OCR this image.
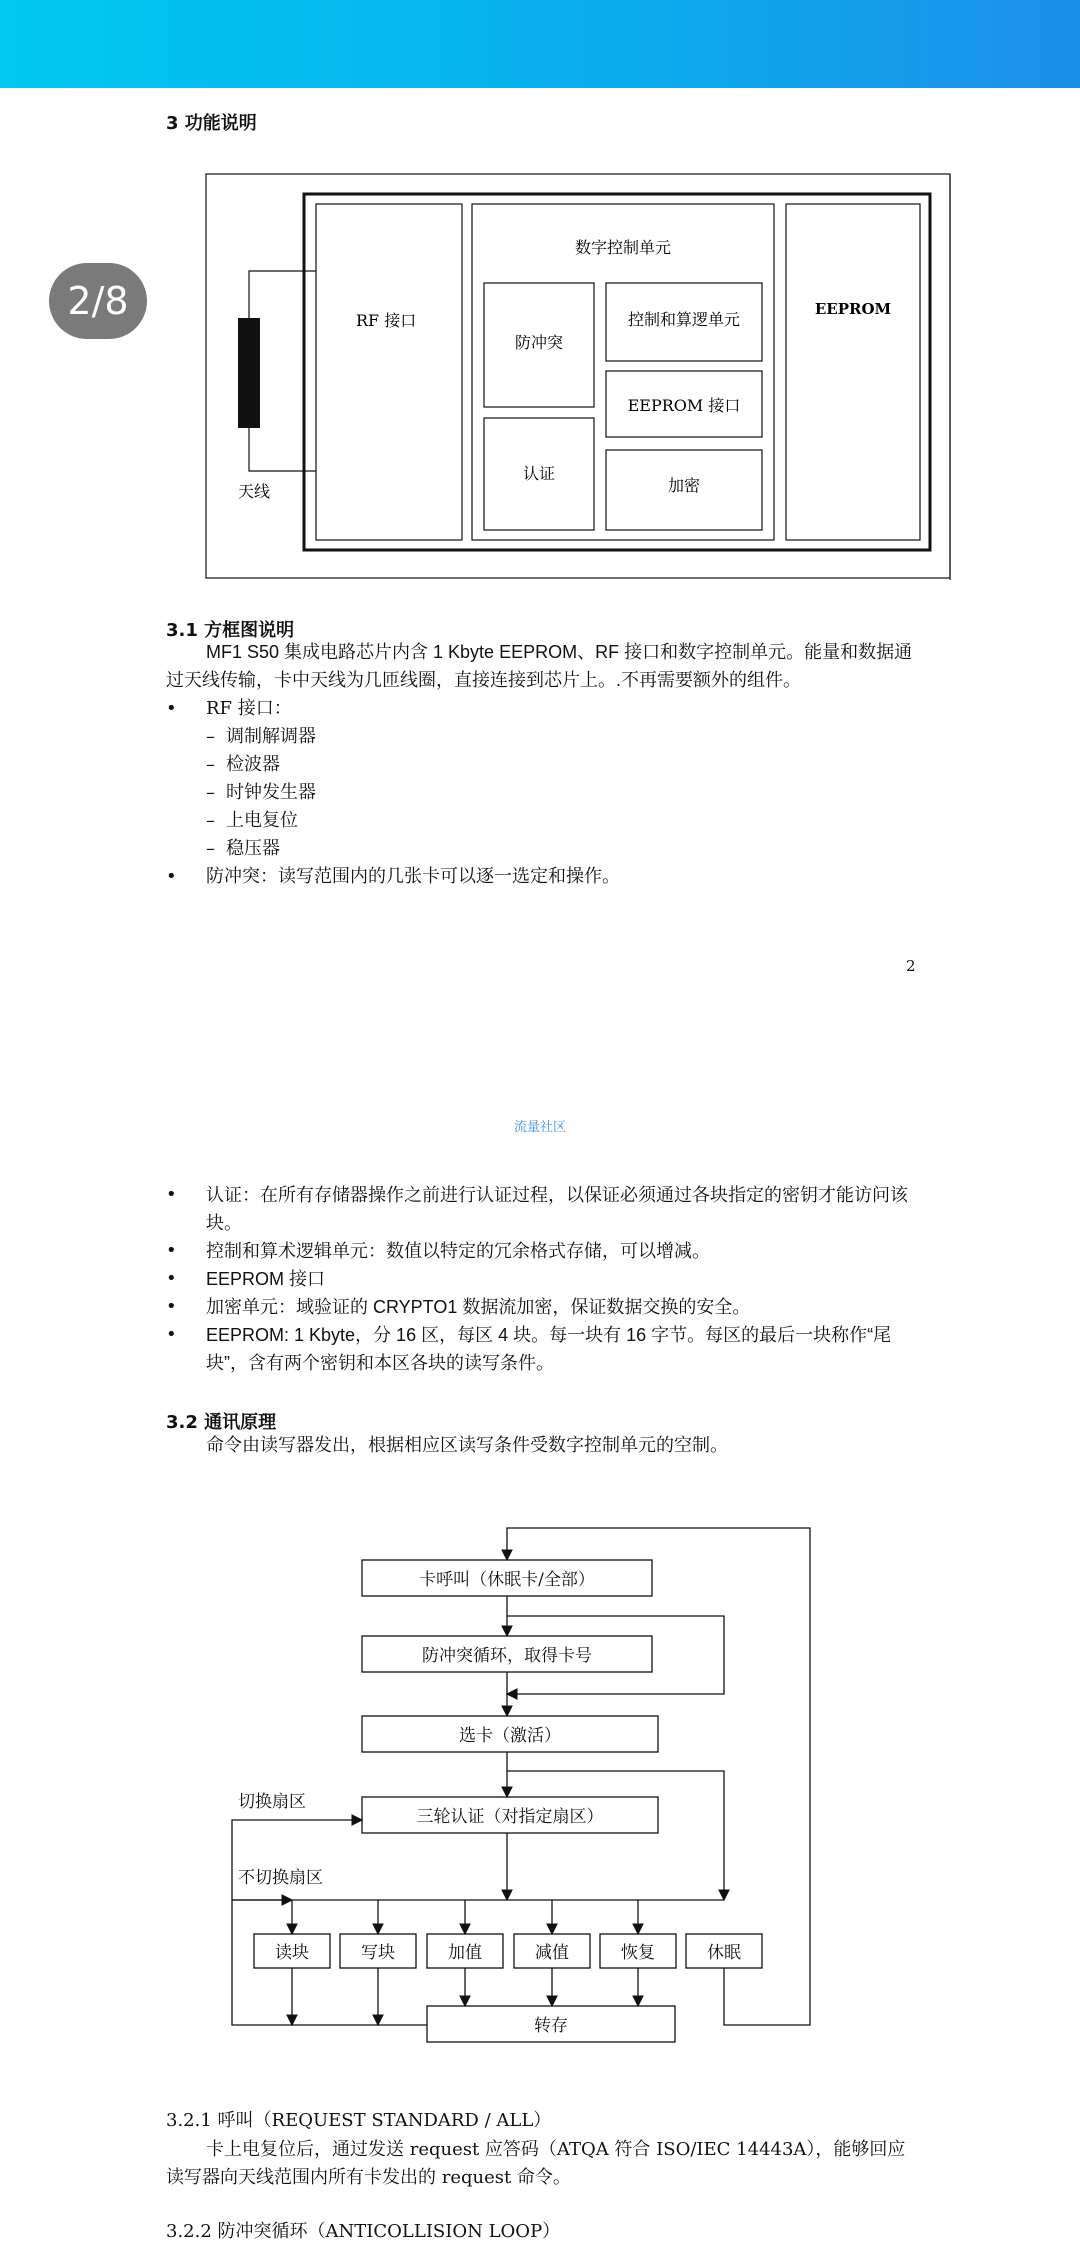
2/8
3 功能说明
天线
RF 接口
数字控制单元
防冲突
控制和算逻单元
EEPROM 接口
认证
加密
EEPROM
3.1 方框图说明
MF1 S50 集成电路芯片内含 1 Kbyte EEPROM、RF 接口和数字控制单元。能量和数据通过天线传输，卡中天线为几匝线圈，直接连接到芯片上。.不再需要额外的组件。
• RF 接口：
– 调制解调器
– 检波器
– 时钟发生器
– 上电复位
– 稳压器
• 防冲突：读写范围内的几张卡可以逐一选定和操作。
2
流量社区
• 认证：在所有存储器操作之前进行认证过程，以保证必须通过各块指定的密钥才能访问该块。
• 控制和算术逻辑单元：数值以特定的冗余格式存储，可以增减。
• EEPROM 接口
• 加密单元：域验证的 CRYPTO1 数据流加密，保证数据交换的安全。
• EEPROM: 1 Kbyte，分 16 区，每区 4 块。每一块有 16 字节。每区的最后一块称作“尾块”，含有两个密钥和本区各块的读写条件。
3.2 通讯原理
命令由读写器发出，根据相应区读写条件受数字控制单元的空制。
卡呼叫（休眠卡/全部）
防冲突循环，取得卡号
选卡（激活）
三轮认证（对指定扇区）
切换扇区
不切换扇区
读块	写块	加值	减值	恢复	休眠
转存
3.2.1 呼叫（REQUEST STANDARD / ALL）
卡上电复位后，通过发送 request 应答码（ATQA 符合 ISO/IEC 14443A），能够回应读写器向天线范围内所有卡发出的 request 命令。
3.2.2 防冲突循环（ANTICOLLISION LOOP）
